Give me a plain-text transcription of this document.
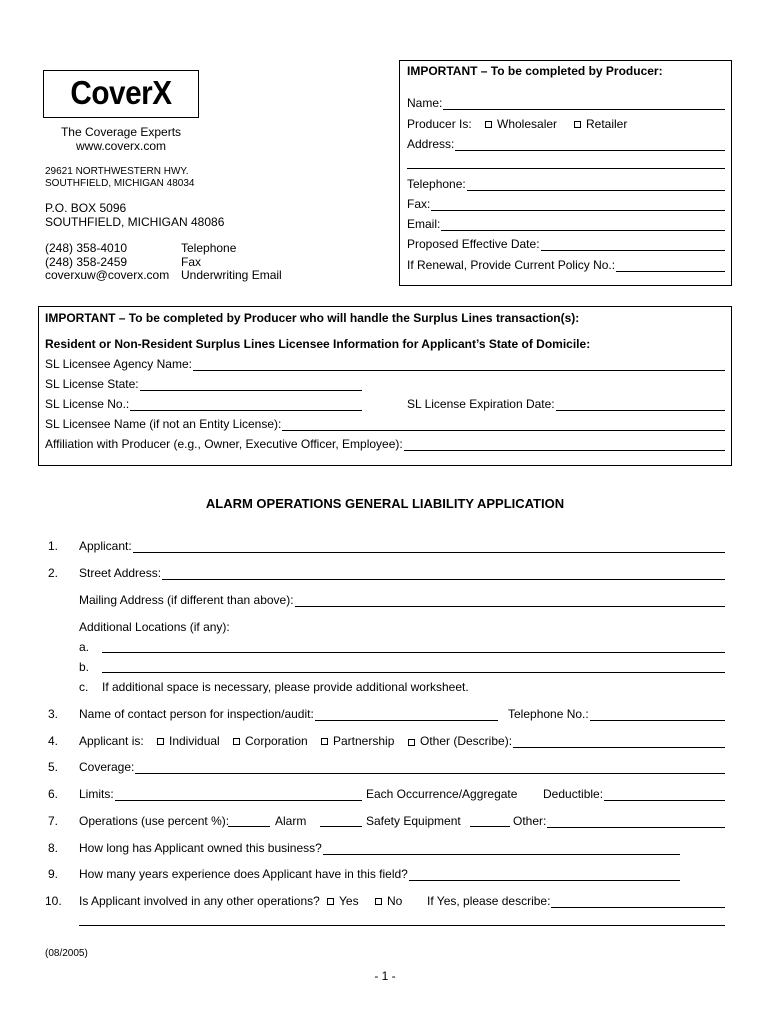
CoverX
The Coverage Experts
www.coverx.com
29621 NORTHWESTERN HWY.
SOUTHFIELD, MICHIGAN 48034
P.O. BOX 5096
SOUTHFIELD, MICHIGAN 48086
(248) 358-4010	Telephone
(248) 358-2459	Fax
coverxuw@coverx.com Underwriting Email
IMPORTANT – To be completed by Producer:
Name:
Producer Is:	Wholesaler	Retailer
Address:
Telephone:
Fax:
Email:
Proposed Effective Date:
If Renewal, Provide Current Policy No.:
IMPORTANT – To be completed by Producer who will handle the Surplus Lines transaction(s):
Resident or Non-Resident Surplus Lines Licensee Information for Applicant’s State of Domicile:
SL Licensee Agency Name:
SL License State:
SL License No.:	SL License Expiration Date:
SL Licensee Name (if not an Entity License):
Affiliation with Producer (e.g., Owner, Executive Officer, Employee):
ALARM OPERATIONS GENERAL LIABILITY APPLICATION
1. Applicant:
2. Street Address:
Mailing Address (if different than above):
Additional Locations (if any):
a.
b.
c. If additional space is necessary, please provide additional worksheet.
3. Name of contact person for inspection/audit:	Telephone No.:
4. Applicant is:	Individual	Corporation	Partnership Other (Describe):
5. Coverage:
6. Limits:	Each Occurrence/Aggregate Deductible:
7. Operations (use percent %):	Alarm	Safety Equipment	Other:
8. How long has Applicant owned this business?
9. How many years experience does Applicant have in this field?
10. Is Applicant involved in any other operations?	Yes	No If Yes, please describe:
(08/2005)
- 1 -
